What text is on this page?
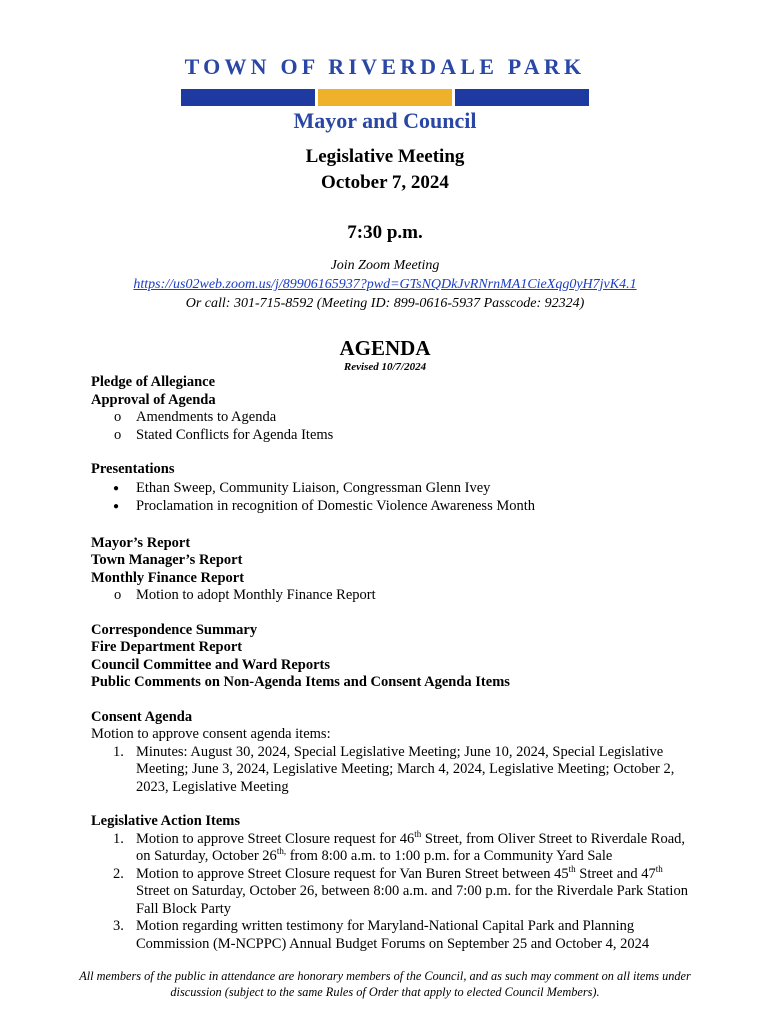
TOWN OF RIVERDALE PARK
Mayor and Council
Legislative Meeting
October 7, 2024
7:30 p.m.
Join Zoom Meeting
https://us02web.zoom.us/j/89906165937?pwd=GTsNQDkJvRNrnMA1CieXqg0yH7jvK4.1
Or call: 301-715-8592 (Meeting ID: 899-0616-5937 Passcode: 92324)
AGENDA
Revised 10/7/2024
Pledge of Allegiance
Approval of Agenda
o Amendments to Agenda
o Stated Conflicts for Agenda Items
Presentations
● Ethan Sweep, Community Liaison, Congressman Glenn Ivey
● Proclamation in recognition of Domestic Violence Awareness Month
Mayor’s Report
Town Manager’s Report
Monthly Finance Report
o Motion to adopt Monthly Finance Report
Correspondence Summary
Fire Department Report
Council Committee and Ward Reports
Public Comments on Non-Agenda Items and Consent Agenda Items
Consent Agenda
Motion to approve consent agenda items:
1. Minutes: August 30, 2024, Special Legislative Meeting; June 10, 2024, Special Legislative Meeting; June 3, 2024, Legislative Meeting; March 4, 2024, Legislative Meeting; October 2, 2023, Legislative Meeting
Legislative Action Items
1. Motion to approve Street Closure request for 46th Street, from Oliver Street to Riverdale Road, on Saturday, October $26^{th,}$ from 8:00 a.m. to 1:00 p.m. for a Community Yard Sale
2. Motion to approve Street Closure request for Van Buren Street between 45th Street and 47th Street on Saturday, October 26, between 8:00 a.m. and 7:00 p.m. for the Riverdale Park Station Fall Block Party
3. Motion regarding written testimony for Maryland-National Capital Park and Planning Commission (M-NCPPC) Annual Budget Forums on September 25 and October 4, 2024
All members of the public in attendance are honorary members of the Council, and as such may comment on all items under discussion (subject to the same Rules of Order that apply to elected Council Members).
